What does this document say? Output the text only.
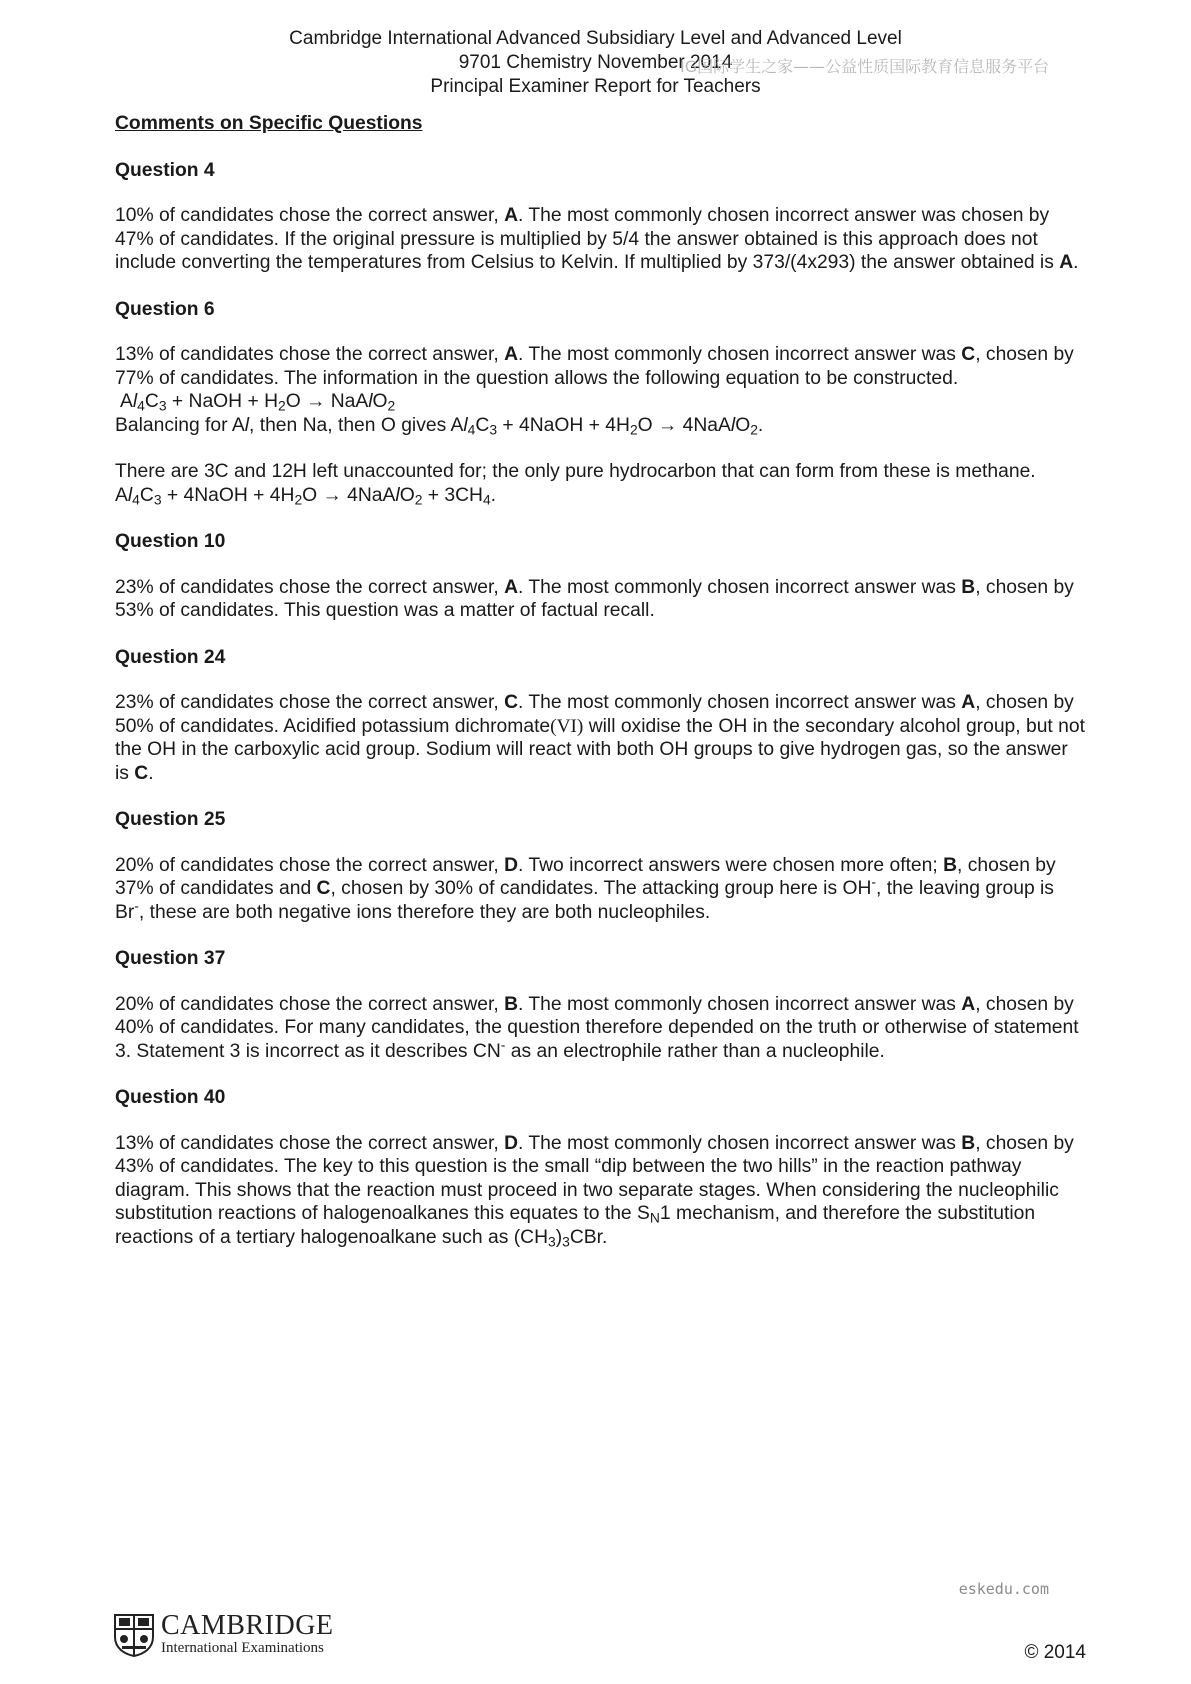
Cambridge International Advanced Subsidiary Level and Advanced Level
9701 Chemistry November 2014
Principal Examiner Report for Teachers
IG国际学生之家——公益性质国际教育信息服务平台

Comments on Specific Questions

Question 4

10% of candidates chose the correct answer, A. The most commonly chosen incorrect answer was chosen by 47% of candidates. If the original pressure is multiplied by 5/4 the answer obtained is this approach does not include converting the temperatures from Celsius to Kelvin. If multiplied by 373/(4x293) the answer obtained is A.

Question 6

13% of candidates chose the correct answer, A. The most commonly chosen incorrect answer was C, chosen by 77% of candidates. The information in the question allows the following equation to be constructed.

$Al_4C_3$ + NaOH + $H_2O$ → NaAlO$_2$

Balancing for Al, then Na, then O gives $Al_4C_3$ + 4NaOH + $4H_2O$ → 4NaAlO$_2$.

There are 3C and 12H left unaccounted for; the only pure hydrocarbon that can form from these is methane.

$Al_4C_3$ + 4NaOH + $4H_2O$ → 4NaAlO$_2$ + $3CH_4$.

Question 10

23% of candidates chose the correct answer, A. The most commonly chosen incorrect answer was B, chosen by 53% of candidates. This question was a matter of factual recall.

Question 24

23% of candidates chose the correct answer, C. The most commonly chosen incorrect answer was A, chosen by 50% of candidates. Acidified potassium dichromate(VI) will oxidise the OH in the secondary alcohol group, but not the OH in the carboxylic acid group. Sodium will react with both OH groups to give hydrogen gas, so the answer is C.

Question 25

20% of candidates chose the correct answer, D. Two incorrect answers were chosen more often; B, chosen by 37% of candidates and C, chosen by 30% of candidates. The attacking group here is OH-, the leaving group is Br-, these are both negative ions therefore they are both nucleophiles.

Question 37

20% of candidates chose the correct answer, B. The most commonly chosen incorrect answer was A, chosen by 40% of candidates. For many candidates, the question therefore depended on the truth or otherwise of statement 3. Statement 3 is incorrect as it describes CN- as an electrophile rather than a nucleophile.

Question 40

13% of candidates chose the correct answer, D. The most commonly chosen incorrect answer was B, chosen by 43% of candidates. The key to this question is the small “dip between the two hills” in the reaction pathway diagram. This shows that the reaction must proceed in two separate stages. When considering the nucleophilic substitution reactions of halogenoalkanes this equates to the $S_N1$ mechanism, and therefore the substitution reactions of a tertiary halogenoalkane such as $(CH_3)_3CBr$.

eskedu.com
CAMBRIDGE
International Examinations	© 2014
